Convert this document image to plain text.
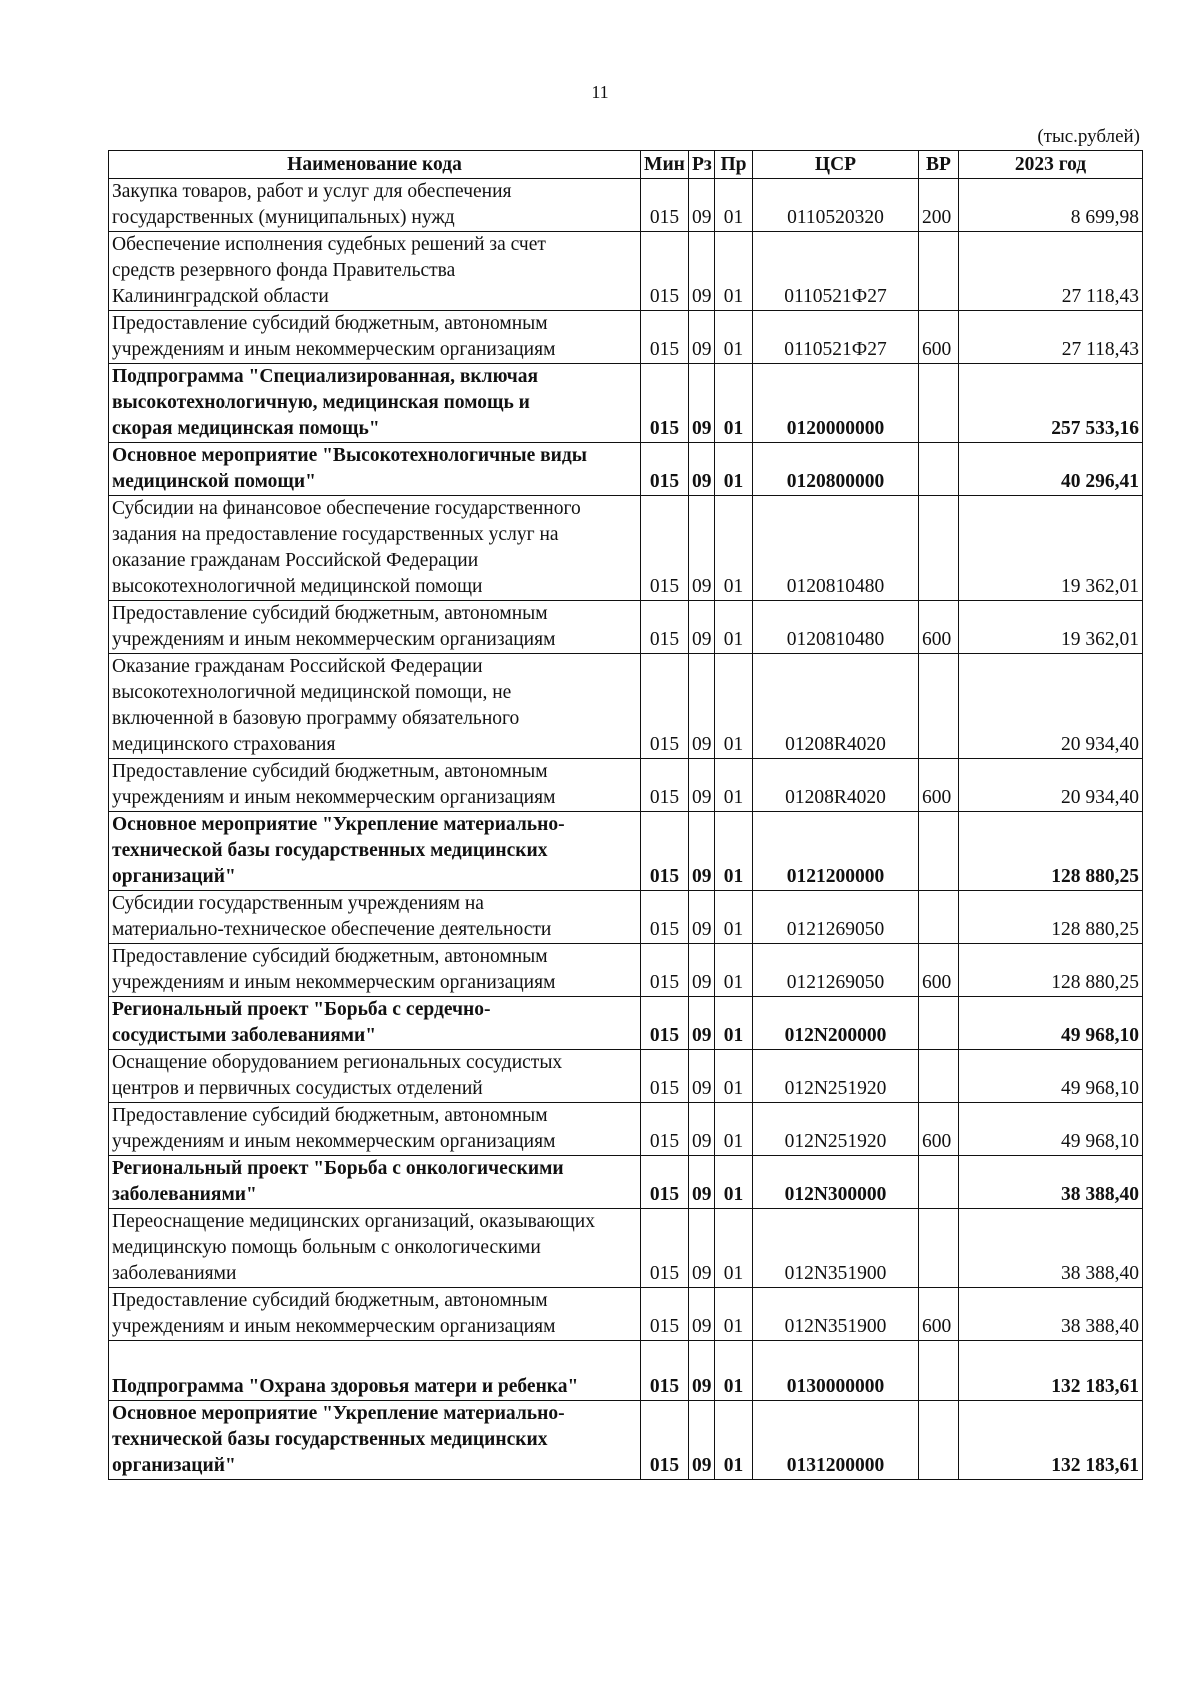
11
(тыс.рублей)
Наименование кода	Мин	Рз	Пр	ЦСР	ВР	2023 год
Закупка товаров, работ и услуг для обеспечения
государственных (муниципальных) нужд	015	09	01	0110520320	200	8 699,98
Обеспечение исполнения судебных решений за счет
средств резервного фонда Правительства
Калининградской области	015	09	01	0110521Ф27		27 118,43
Предоставление субсидий бюджетным, автономным
учреждениям и иным некоммерческим организациям	015	09	01	0110521Ф27	600	27 118,43
Подпрограмма "Специализированная, включая
высокотехнологичную, медицинская помощь и
скорая медицинская помощь"	015	09	01	0120000000		257 533,16
Основное мероприятие "Высокотехнологичные виды
медицинской помощи"	015	09	01	0120800000		40 296,41
Субсидии на финансовое обеспечение государственного
задания на предоставление государственных услуг на
оказание гражданам Российской Федерации
высокотехнологичной медицинской помощи	015	09	01	0120810480		19 362,01
Предоставление субсидий бюджетным, автономным
учреждениям и иным некоммерческим организациям	015	09	01	0120810480	600	19 362,01
Оказание гражданам Российской Федерации
высокотехнологичной медицинской помощи, не
включенной в базовую программу обязательного
медицинского страхования	015	09	01	01208R4020		20 934,40
Предоставление субсидий бюджетным, автономным
учреждениям и иным некоммерческим организациям	015	09	01	01208R4020	600	20 934,40
Основное мероприятие "Укрепление материально-
технической базы государственных медицинских
организаций"	015	09	01	0121200000		128 880,25
Субсидии государственным учреждениям на
материально-техническое обеспечение деятельности	015	09	01	0121269050		128 880,25
Предоставление субсидий бюджетным, автономным
учреждениям и иным некоммерческим организациям	015	09	01	0121269050	600	128 880,25
Региональный проект "Борьба с сердечно-
сосудистыми заболеваниями"	015	09	01	012N200000		49 968,10
Оснащение оборудованием региональных сосудистых
центров и первичных сосудистых отделений	015	09	01	012N251920		49 968,10
Предоставление субсидий бюджетным, автономным
учреждениям и иным некоммерческим организациям	015	09	01	012N251920	600	49 968,10
Региональный проект "Борьба с онкологическими
заболеваниями"	015	09	01	012N300000		38 388,40
Переоснащение медицинских организаций, оказывающих
медицинскую помощь больным с онкологическими
заболеваниями	015	09	01	012N351900		38 388,40
Предоставление субсидий бюджетным, автономным
учреждениям и иным некоммерческим организациям	015	09	01	012N351900	600	38 388,40
Подпрограмма "Охрана здоровья матери и ребенка"	015	09	01	0130000000		132 183,61
Основное мероприятие "Укрепление материально-
технической базы государственных медицинских
организаций"	015	09	01	0131200000		132 183,61
